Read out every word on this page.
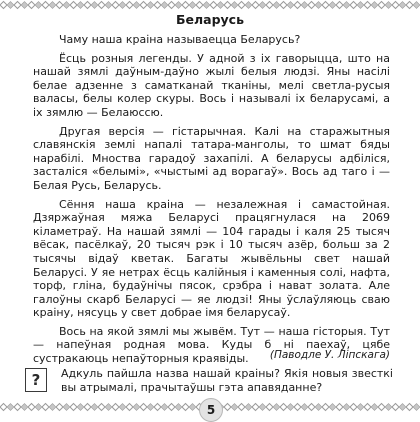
Беларусь

Чаму наша краіна называецца Беларусь?

Ёсць розныя легенды. У адной з іх гаворыцца, што на нашай зямлі даўным-даўно жылі белыя людзі. Яны насілі белае адзенне з саматканай тканіны, мелі светла-русыя валасы, белы колер скуры. Вось і называлі іх беларусамі, а іх зямлю — Белаюссю.

Другая версія — гістарычная. Калі на старажытныя славянскія землі напалі татара-манголы, то шмат бяды нарабілі. Мноства гарадоў захапілі. А беларусы адбіліся, засталіся «белымі», «чыстымі ад ворагаў». Вось ад таго і — Белая Русь, Беларусь.

Сёння наша краіна — незалежная і самастойная. Дзяржаўная мяжа Беларусі працягнулася на 2069 кіламетраў. На нашай зямлі — 104 гарады і каля 25 тысяч вёсак, пасёлкаў, 20 тысяч рэк і 10 тысяч азёр, больш за 2 тысячы відаў кветак. Багаты жывёльны свет нашай Беларусі. У яе нетрах ёсць калійныя і каменныя солі, нафта, торф, гліна, будаўнічы пясок, срэбра і нават золата. Але галоўны скарб Беларусі — яе людзі! Яны ўслаўляюць сваю краіну, нясуць у свет добрае імя беларусаў.

Вось на якой зямлі мы жывём. Тут — наша гісторыя. Тут — напеўная родная мова. Куды б ні паехаў, цябе сустракаюць непаўторныя краявіды.	(Паводле У. Ліпскага)
?	Адкуль пайшла назва нашай краіны? Якія новыя звесткі вы атрымалі, прачытаўшы гэта апавяданне?
5
